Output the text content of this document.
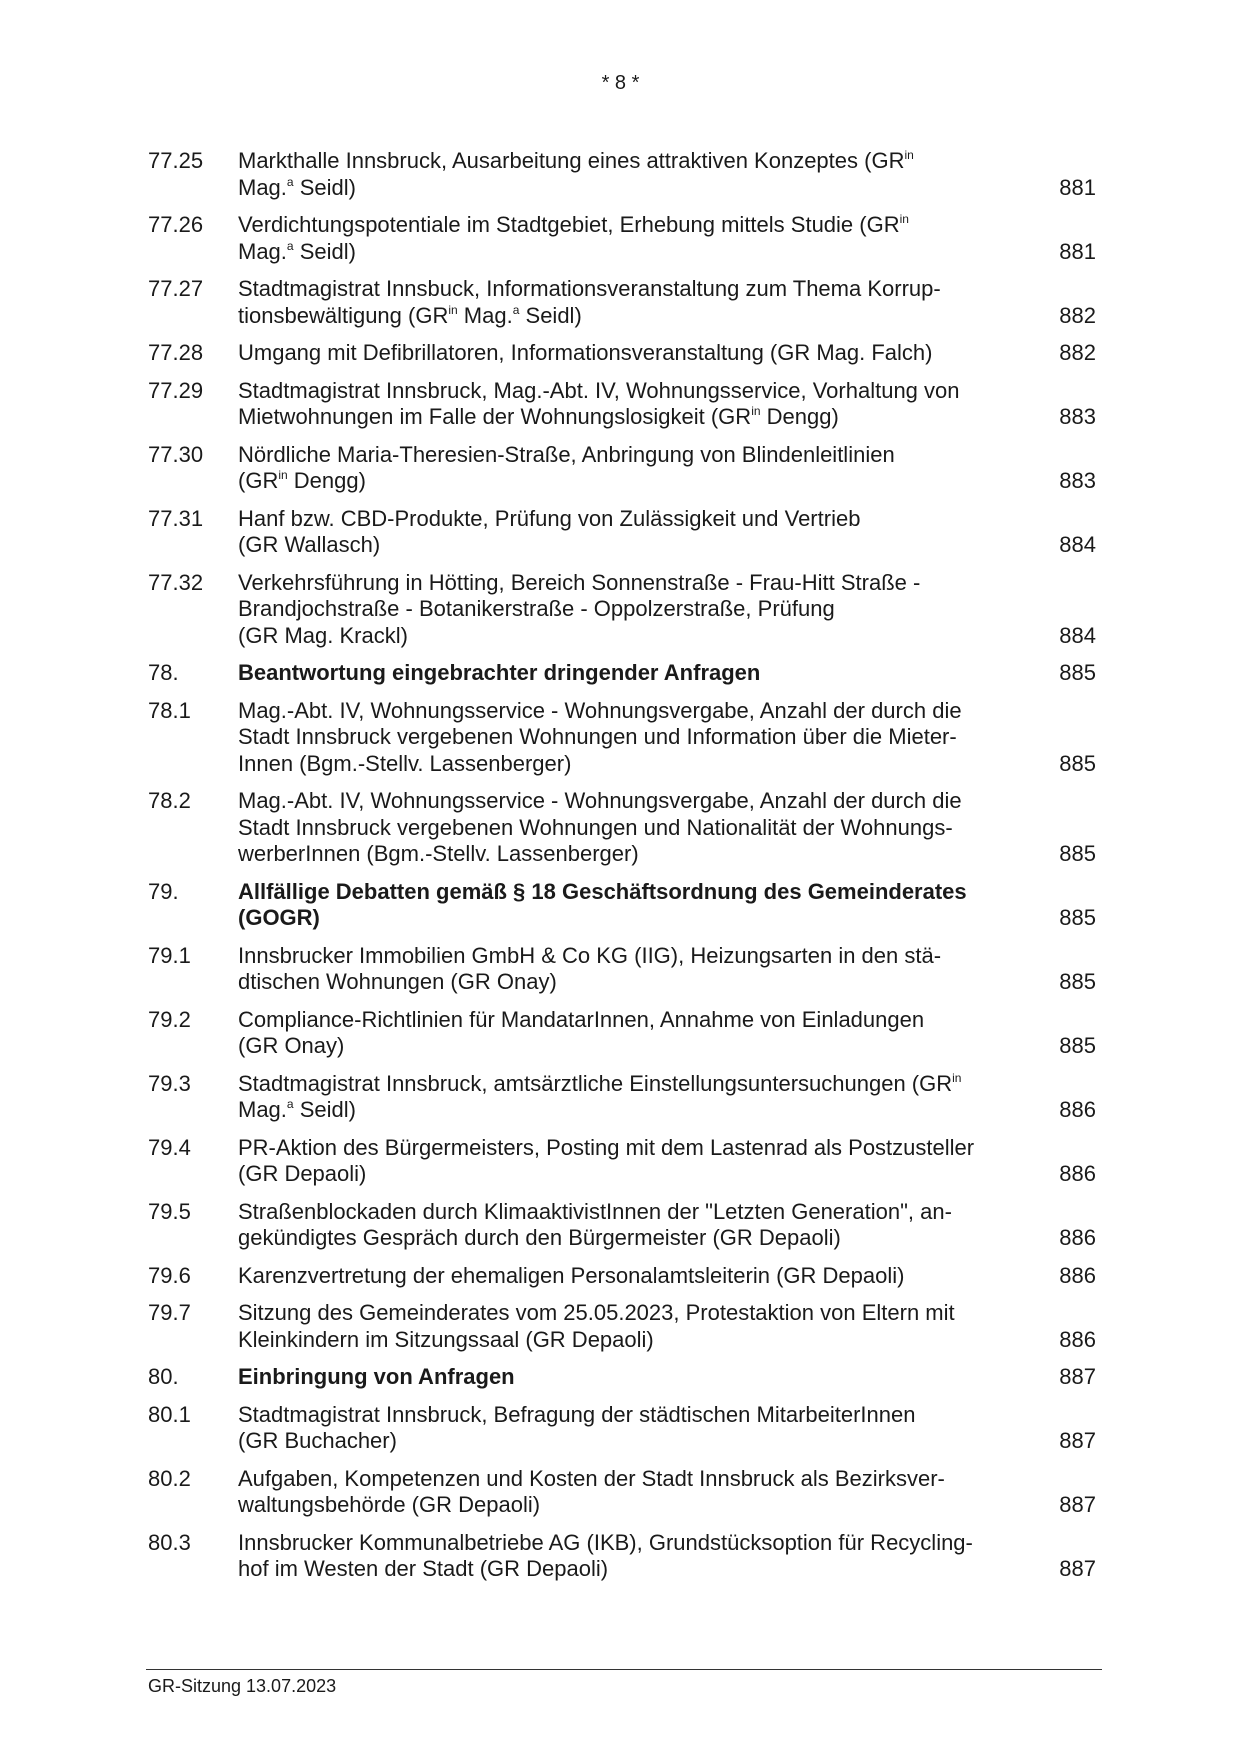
* 8 *
77.25	Markthalle Innsbruck, Ausarbeitung eines attraktiven Konzeptes ($GR^{in}$
Mag.$^a$ Seidl)	881
77.26	Verdichtungspotentiale im Stadtgebiet, Erhebung mittels Studie ($GR^{in}$
Mag.$^a$ Seidl)	881
77.27	Stadtmagistrat Innsbuck, Informationsveranstaltung zum Thema Korrup-
tionsbewältigung ($GR^{in}$ Mag.$^a$ Seidl)	882
77.28	Umgang mit Defibrillatoren, Informationsveranstaltung (GR Mag. Falch)	882
77.29	Stadtmagistrat Innsbruck, Mag.-Abt. IV, Wohnungsservice, Vorhaltung von
Mietwohnungen im Falle der Wohnungslosigkeit ($GR^{in}$ Dengg)	883
77.30	Nördliche Maria-Theresien-Straße, Anbringung von Blindenleitlinien
($GR^{in}$ Dengg)	883
77.31	Hanf bzw. CBD-Produkte, Prüfung von Zulässigkeit und Vertrieb
(GR Wallasch)	884
77.32	Verkehrsführung in Hötting, Bereich Sonnenstraße - Frau-Hitt Straße -
Brandjochstraße - Botanikerstraße - Oppolzerstraße, Prüfung
(GR Mag. Krackl)	884
78.	Beantwortung eingebrachter dringender Anfragen	885
78.1	Mag.-Abt. IV, Wohnungsservice - Wohnungsvergabe, Anzahl der durch die
Stadt Innsbruck vergebenen Wohnungen und Information über die Mieter-
Innen (Bgm.-Stellv. Lassenberger)	885
78.2	Mag.-Abt. IV, Wohnungsservice - Wohnungsvergabe, Anzahl der durch die
Stadt Innsbruck vergebenen Wohnungen und Nationalität der Wohnungs-
werberInnen (Bgm.-Stellv. Lassenberger)	885
79.	Allfällige Debatten gemäß § 18 Geschäftsordnung des Gemeinderates
(GOGR)	885
79.1	Innsbrucker Immobilien GmbH & Co KG (IIG), Heizungsarten in den stä-
dtischen Wohnungen (GR Onay)	885
79.2	Compliance-Richtlinien für MandatarInnen, Annahme von Einladungen
(GR Onay)	885
79.3	Stadtmagistrat Innsbruck, amtsärztliche Einstellungsuntersuchungen ($GR^{in}$
Mag.$^a$ Seidl)	886
79.4	PR-Aktion des Bürgermeisters, Posting mit dem Lastenrad als Postzusteller
(GR Depaoli)	886
79.5	Straßenblockaden durch KlimaaktivistInnen der "Letzten Generation", an-
gekündigtes Gespräch durch den Bürgermeister (GR Depaoli)	886
79.6	Karenzvertretung der ehemaligen Personalamtsleiterin (GR Depaoli)	886
79.7	Sitzung des Gemeinderates vom 25.05.2023, Protestaktion von Eltern mit
Kleinkindern im Sitzungssaal (GR Depaoli)	886
80.	Einbringung von Anfragen	887
80.1	Stadtmagistrat Innsbruck, Befragung der städtischen MitarbeiterInnen
(GR Buchacher)	887
80.2	Aufgaben, Kompetenzen und Kosten der Stadt Innsbruck als Bezirksver-
waltungsbehörde (GR Depaoli)	887
80.3	Innsbrucker Kommunalbetriebe AG (IKB), Grundstücksoption für Recycling-
hof im Westen der Stadt (GR Depaoli)	887
GR-Sitzung 13.07.2023
